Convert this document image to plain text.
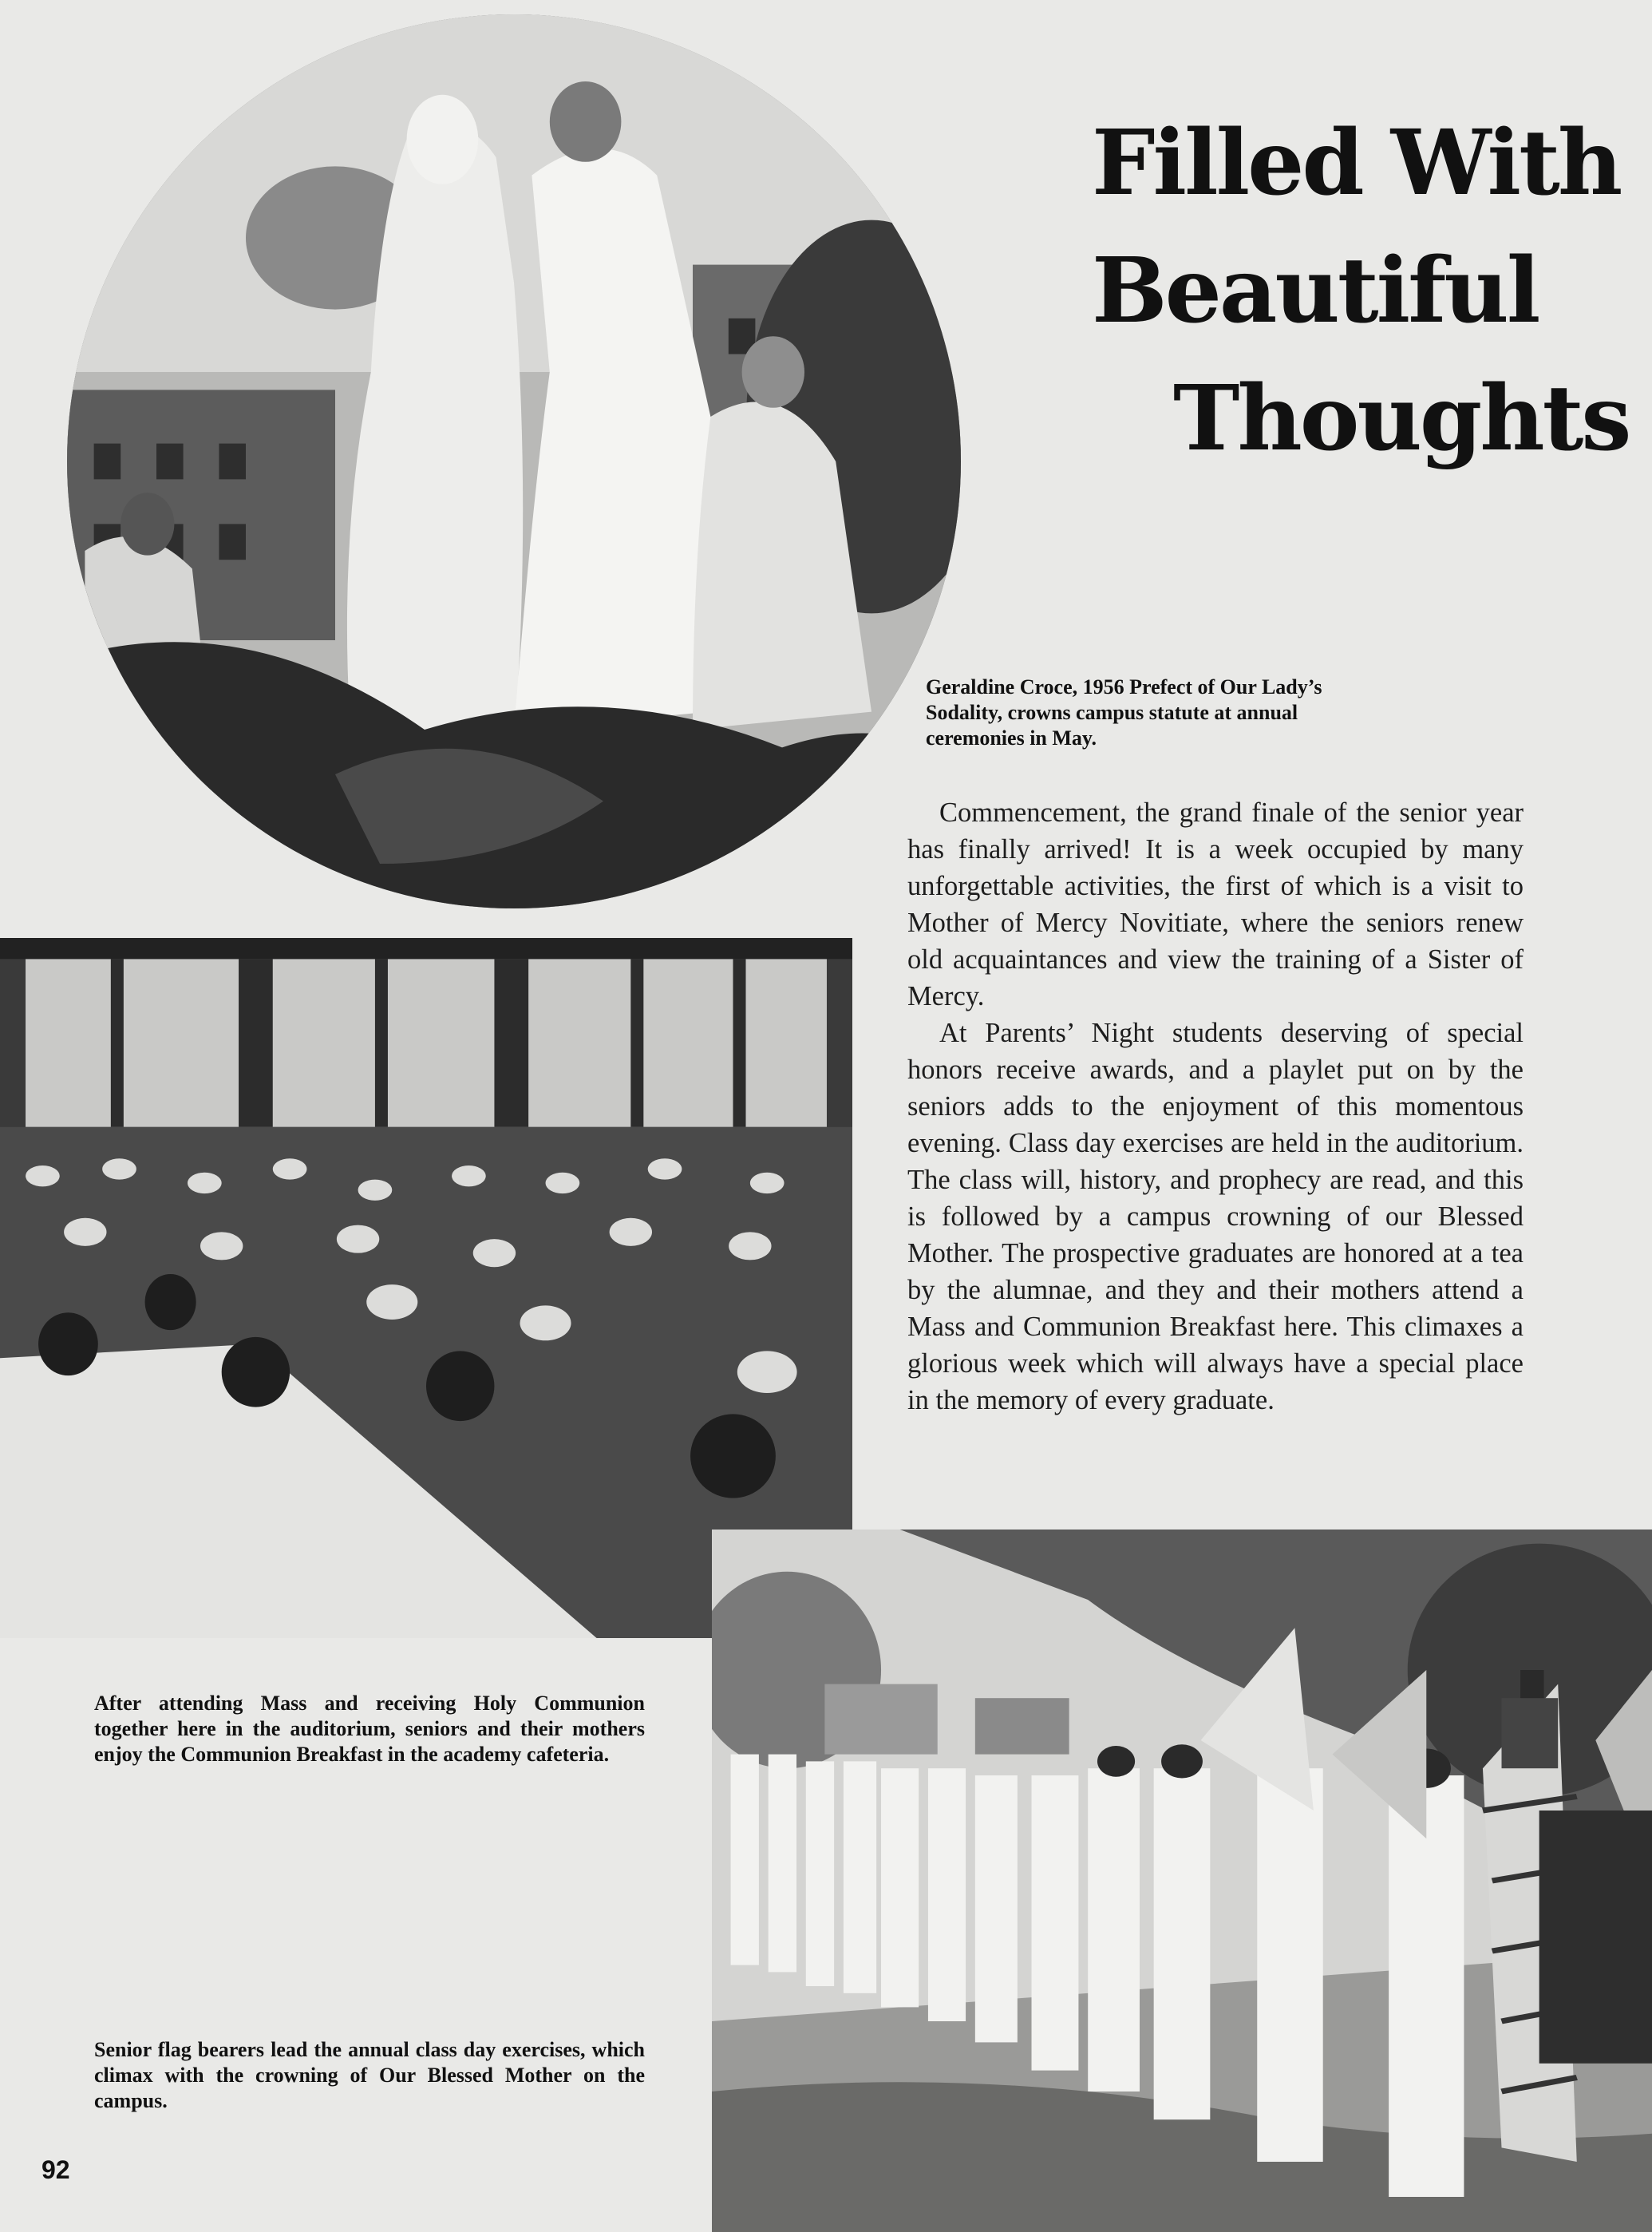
Filled With
Beautiful
Thoughts
Geraldine Croce, 1956 Prefect of Our Lady’s Sodality, crowns campus statute at annual ceremonies in May.

Commencement, the grand finale of the senior year has finally arrived! It is a week occupied by many unforgettable activities, the first of which is a visit to Mother of Mercy Novitiate, where the seniors renew old acquaintances and view the training of a Sister of Mercy.

At Parents’ Night students deserving of special honors receive awards, and a playlet put on by the seniors adds to the enjoyment of this momentous evening. Class day exercises are held in the auditorium. The class will, history, and prophecy are read, and this is followed by a campus crowning of our Blessed Mother. The prospective graduates are honored at a tea by the alumnae, and they and their mothers attend a Mass and Communion Breakfast here. This climaxes a glorious week which will always have a special place in the memory of every graduate.

After attending Mass and receiving Holy Communion together here in the auditorium, seniors and their mothers enjoy the Communion Breakfast in the academy cafeteria.
Senior flag bearers lead the annual class day exercises, which climax with the crowning of Our Blessed Mother on the campus.
92
